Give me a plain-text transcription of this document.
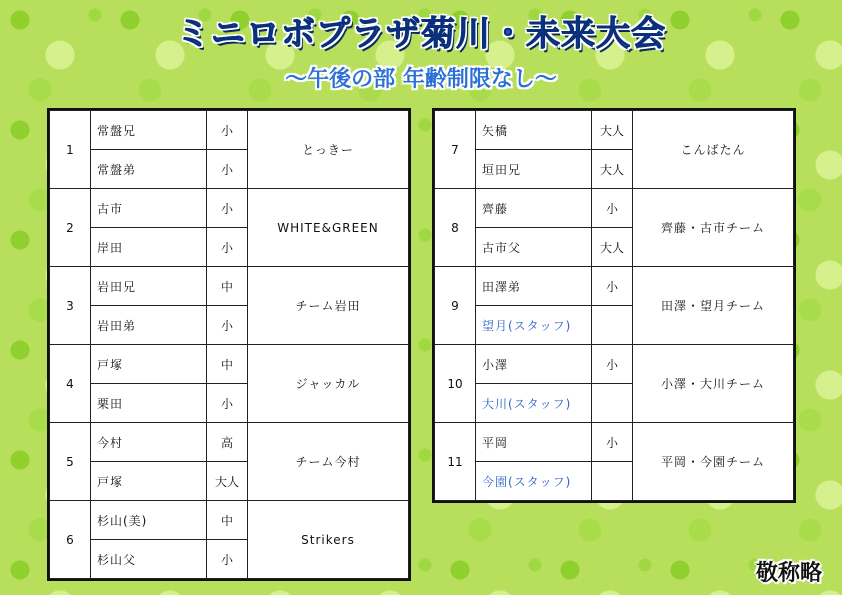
ミニロボプラザ菊川・未来大会
〜午後の部 年齢制限なし〜
1	常盤兄	小	とっきー
	常盤弟	小	
2	古市	小	WHITE&GREEN
	岸田	小	
3	岩田兄	中	チーム岩田
	岩田弟	小	
4	戸塚	中	ジャッカル
	栗田	小	
5	今村	高	チーム今村
	戸塚	大人	
6	杉山(美)	中	Strikers
	杉山父	小	
7	矢橋	大人	こんばたん
	垣田兄	大人	
8	齊藤	小	齊藤・古市チーム
	古市父	大人	
9	田澤弟	小	田澤・望月チーム
	望月(スタッフ)		
10	小澤	小	小澤・大川チーム
	大川(スタッフ)		
11	平岡	小	平岡・今園チーム
	今園(スタッフ)		
敬称略
